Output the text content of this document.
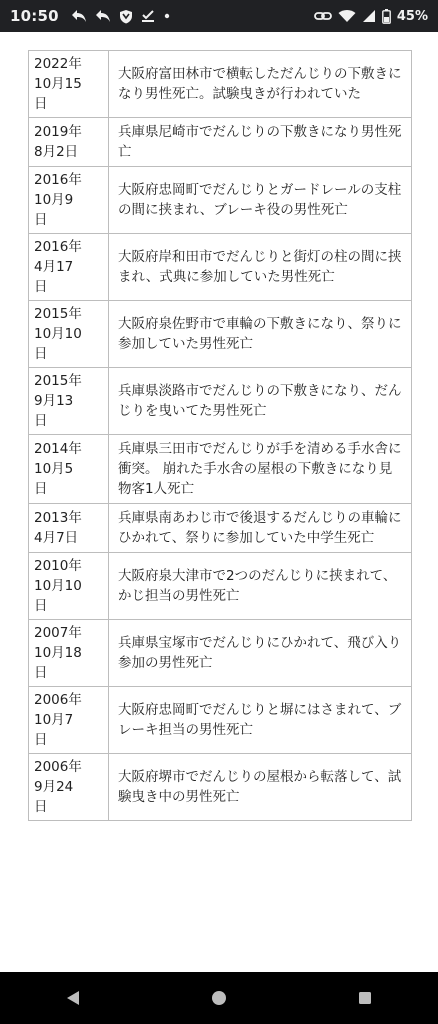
10:50	45%
2022年
10月15
日	大阪府富田林市で横転しただんじりの下敷きになり男性死亡。試験曳きが行われていた

2019年
8月2日	兵庫県尼崎市でだんじりの下敷きになり男性死亡

2016年
10月9
日	大阪府忠岡町でだんじりとガードレールの支柱の間に挟まれ、ブレーキ役の男性死亡

2016年
4月17
日	大阪府岸和田市でだんじりと街灯の柱の間に挟まれ、式典に参加していた男性死亡

2015年
10月10
日	大阪府泉佐野市で車輪の下敷きになり、祭りに参加していた男性死亡

2015年
9月13
日	兵庫県淡路市でだんじりの下敷きになり、だんじりを曳いてた男性死亡

2014年
10月5
日	兵庫県三田市でだんじりが手を清める手水舎に衝突。 崩れた手水舎の屋根の下敷きになり見物客1人死亡

2013年
4月7日	兵庫県南あわじ市で後退するだんじりの車輪にひかれて、祭りに参加していた中学生死亡

2010年
10月10
日	大阪府泉大津市で2つのだんじりに挟まれて、かじ担当の男性死亡

2007年
10月18
日	兵庫県宝塚市でだんじりにひかれて、飛び入り参加の男性死亡

2006年
10月7
日	大阪府忠岡町でだんじりと塀にはさまれて、ブレーキ担当の男性死亡

2006年
9月24
日	大阪府堺市でだんじりの屋根から転落して、試験曳き中の男性死亡
